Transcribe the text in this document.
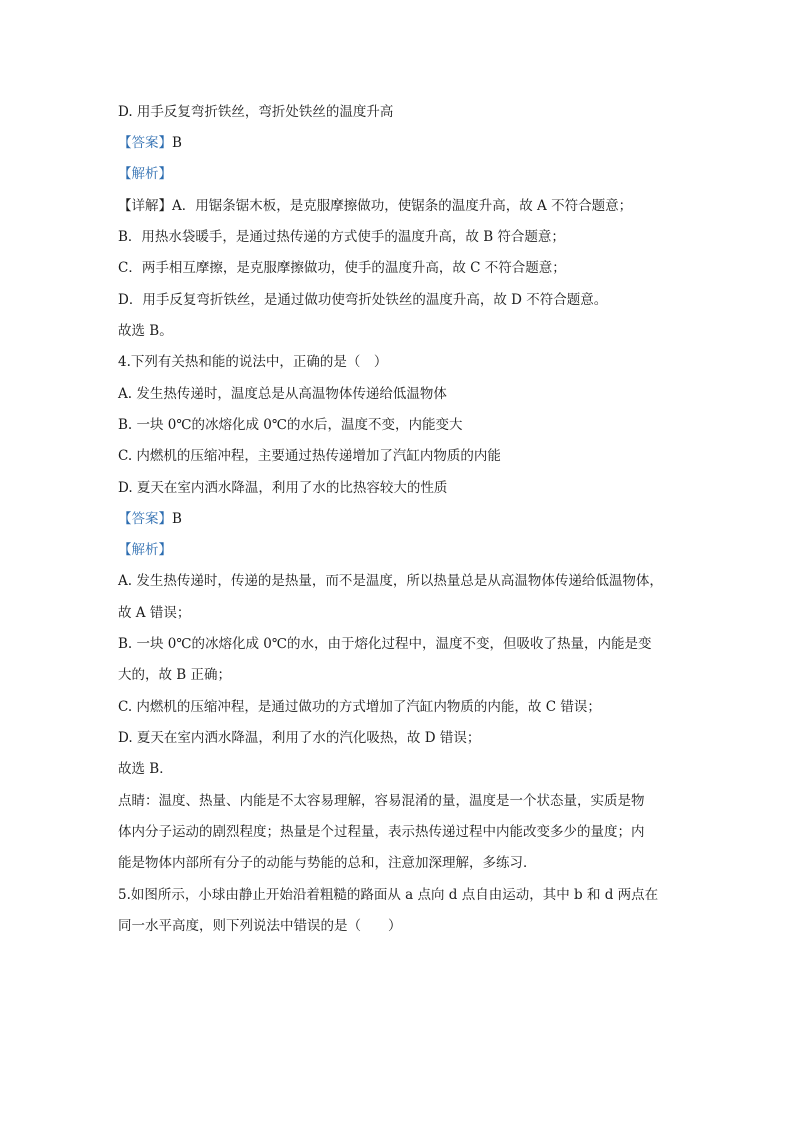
D. 用手反复弯折铁丝，弯折处铁丝的温度升高
【答案】B
【解析】
【详解】A．用锯条锯木板，是克服摩擦做功，使锯条的温度升高，故 A 不符合题意；
B．用热水袋暖手，是通过热传递的方式使手的温度升高，故 B 符合题意；
C．两手相互摩擦，是克服摩擦做功，使手的温度升高，故 C 不符合题意；
D．用手反复弯折铁丝，是通过做功使弯折处铁丝的温度升高，故 D 不符合题意。
故选 B。
4.下列有关热和能的说法中，正确的是（　）
A. 发生热传递时，温度总是从高温物体传递给低温物体
B. 一块 0℃的冰熔化成 0℃的水后，温度不变，内能变大
C. 内燃机的压缩冲程，主要通过热传递增加了汽缸内物质的内能
D. 夏天在室内洒水降温，利用了水的比热容较大的性质
【答案】B
【解析】
A. 发生热传递时，传递的是热量，而不是温度，所以热量总是从高温物体传递给低温物体，
故 A 错误；
B. 一块 0℃的冰熔化成 0℃的水，由于熔化过程中，温度不变，但吸收了热量，内能是变
大的，故 B 正确；
C. 内燃机的压缩冲程，是通过做功的方式增加了汽缸内物质的内能，故 C 错误；
D. 夏天在室内洒水降温，利用了水的汽化吸热，故 D 错误；
故选 B．
点睛：温度、热量、内能是不太容易理解，容易混淆的量，温度是一个状态量，实质是物
体内分子运动的剧烈程度；热量是个过程量，表示热传递过程中内能改变多少的量度；内
能是物体内部所有分子的动能与势能的总和，注意加深理解，多练习．
5.如图所示，小球由静止开始沿着粗糙的路面从 a 点向 d 点自由运动，其中 b 和 d 两点在
同一水平高度，则下列说法中错误的是（　　）
